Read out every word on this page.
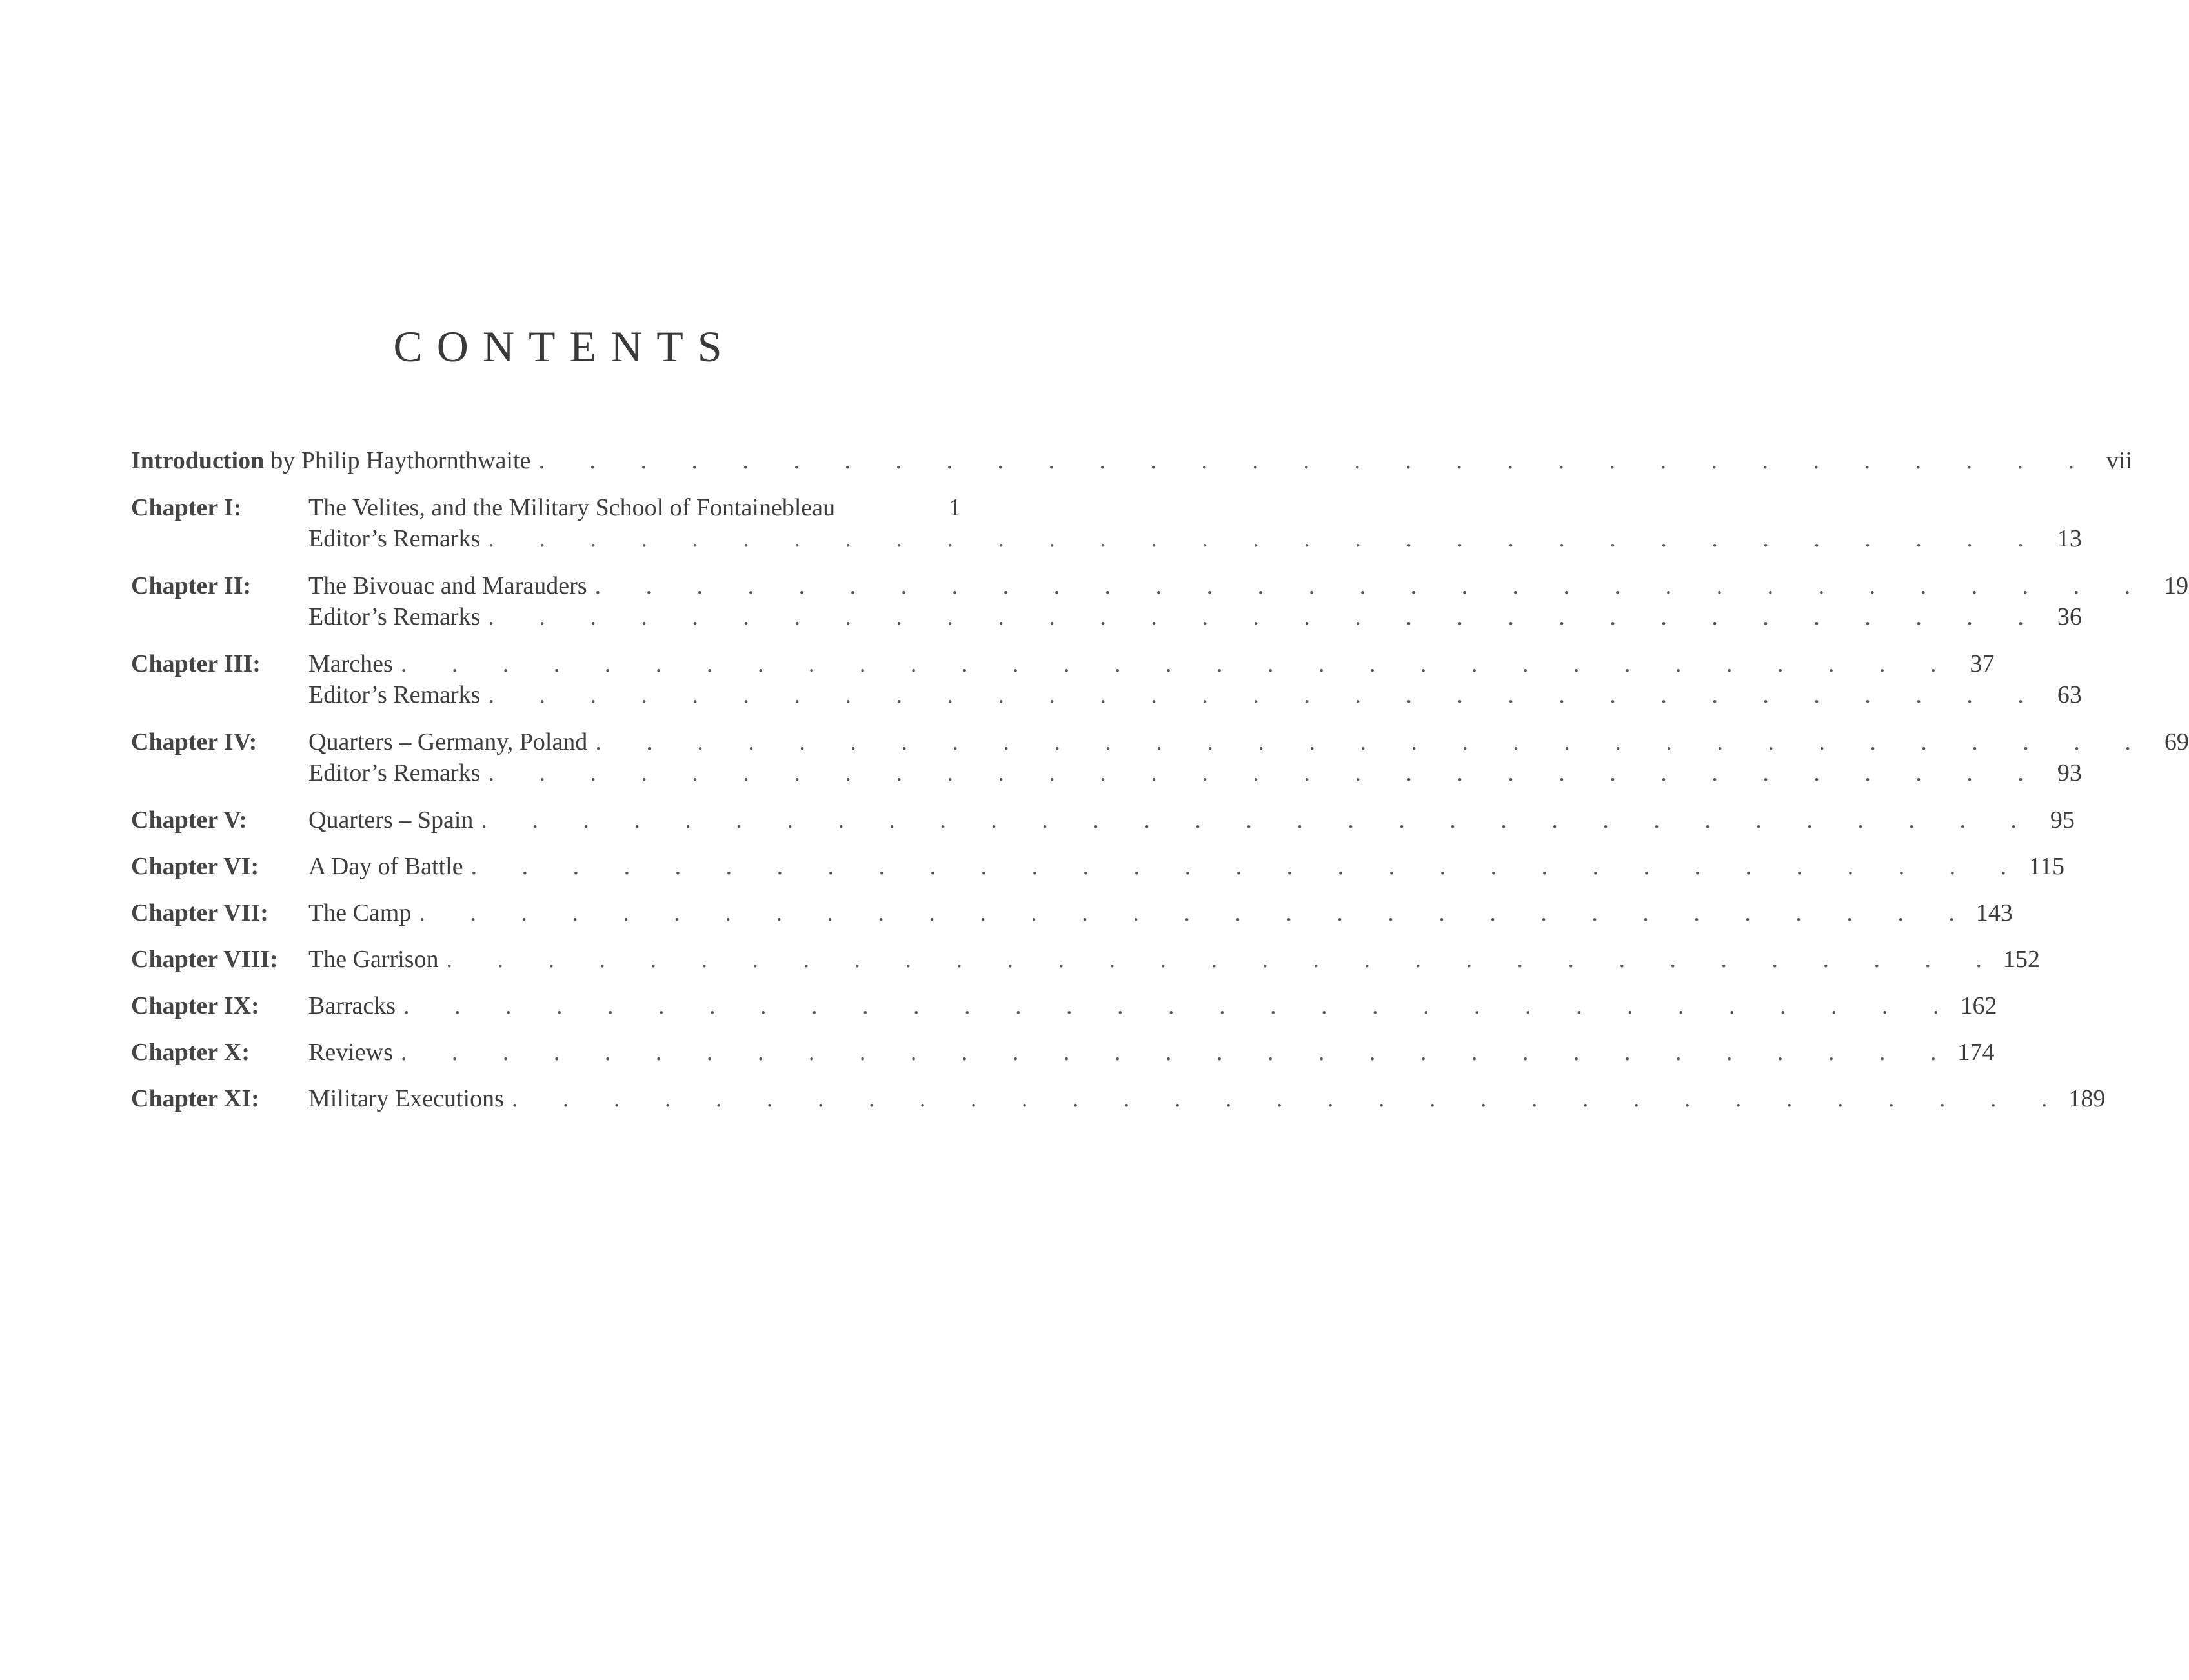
CONTENTS
Introduction by Philip Haythornthwaite . . . . . . . . . . . . . . . . . . . . . . . . . . . . . . . vii
Chapter I:	The Velites, and the Military School of Fontainebleau	1
Editor’s Remarks . . . . . . . . . . . . . . . . . . . . . . . . . . . . . . . 13
Chapter II:	The Bivouac and Marauders . . . . . . . . . . . . . . . . . . . . . . . . . . . . . . . 19
Editor’s Remarks . . . . . . . . . . . . . . . . . . . . . . . . . . . . . . . 36
Chapter III:	Marches . . . . . . . . . . . . . . . . . . . . . . . . . . . . . . . 37
Editor’s Remarks . . . . . . . . . . . . . . . . . . . . . . . . . . . . . . . 63
Chapter IV:	Quarters – Germany, Poland . . . . . . . . . . . . . . . . . . . . . . . . . . . . . . . 69
Editor’s Remarks . . . . . . . . . . . . . . . . . . . . . . . . . . . . . . . 93
Chapter V:	Quarters – Spain . . . . . . . . . . . . . . . . . . . . . . . . . . . . . . . 95
Chapter VI:	A Day of Battle . . . . . . . . . . . . . . . . . . . . . . . . . . . . . . . 115
Chapter VII:	The Camp . . . . . . . . . . . . . . . . . . . . . . . . . . . . . . . 143
Chapter VIII:	The Garrison . . . . . . . . . . . . . . . . . . . . . . . . . . . . . . . 152
Chapter IX:	Barracks . . . . . . . . . . . . . . . . . . . . . . . . . . . . . . . 162
Chapter X:	Reviews . . . . . . . . . . . . . . . . . . . . . . . . . . . . . . . 174
Chapter XI:	Military Executions . . . . . . . . . . . . . . . . . . . . . . . . . . . . . . . 189
